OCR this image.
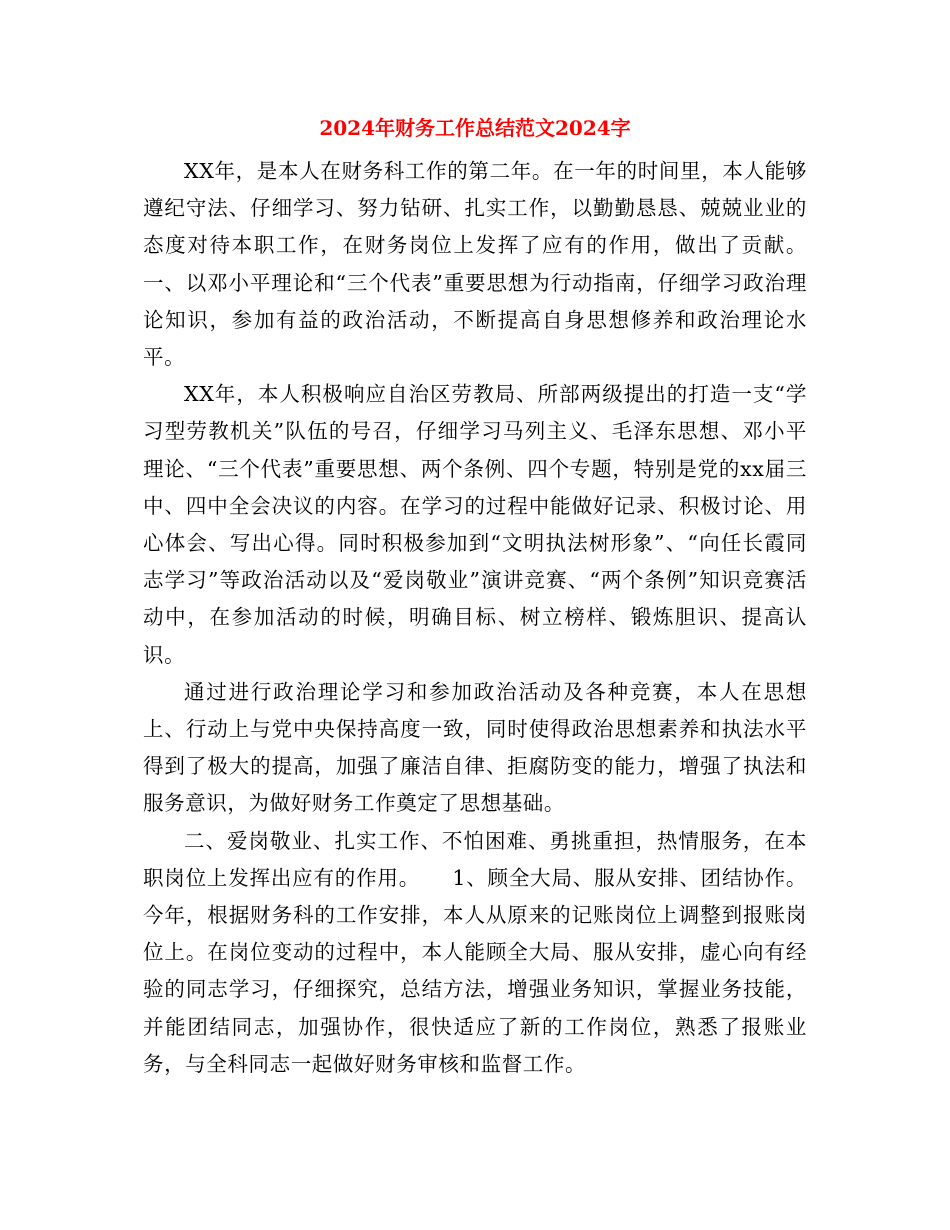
2024年财务工作总结范文2024字

XX年，是本人在财务科工作的第二年。在一年的时间里，本人能够遵纪守法、仔细学习、努力钻研、扎实工作，以勤勤恳恳、兢兢业业的态度对待本职工作，在财务岗位上发挥了应有的作用，做出了贡献。一、以邓小平理论和“三个代表”重要思想为行动指南，仔细学习政治理论知识，参加有益的政治活动，不断提高自身思想修养和政治理论水平。

XX年，本人积极响应自治区劳教局、所部两级提出的打造一支“学习型劳教机关”队伍的号召，仔细学习马列主义、毛泽东思想、邓小平理论、“三个代表”重要思想、两个条例、四个专题，特别是党的xx届三中、四中全会决议的内容。在学习的过程中能做好记录、积极讨论、用心体会、写出心得。同时积极参加到“文明执法树形象”、“向任长霞同志学习”等政治活动以及“爱岗敬业”演讲竞赛、“两个条例”知识竞赛活动中，在参加活动的时候，明确目标、树立榜样、锻炼胆识、提高认识。

通过进行政治理论学习和参加政治活动及各种竞赛，本人在思想上、行动上与党中央保持高度一致，同时使得政治思想素养和执法水平得到了极大的提高，加强了廉洁自律、拒腐防变的能力，增强了执法和服务意识，为做好财务工作奠定了思想基础。

二、爱岗敬业、扎实工作、不怕困难、勇挑重担，热情服务，在本职岗位上发挥出应有的作用。　　1、顾全大局、服从安排、团结协作。今年，根据财务科的工作安排，本人从原来的记账岗位上调整到报账岗位上。在岗位变动的过程中，本人能顾全大局、服从安排，虚心向有经验的同志学习，仔细探究，总结方法，增强业务知识，掌握业务技能，并能团结同志，加强协作，很快适应了新的工作岗位，熟悉了报账业务，与全科同志一起做好财务审核和监督工作。
